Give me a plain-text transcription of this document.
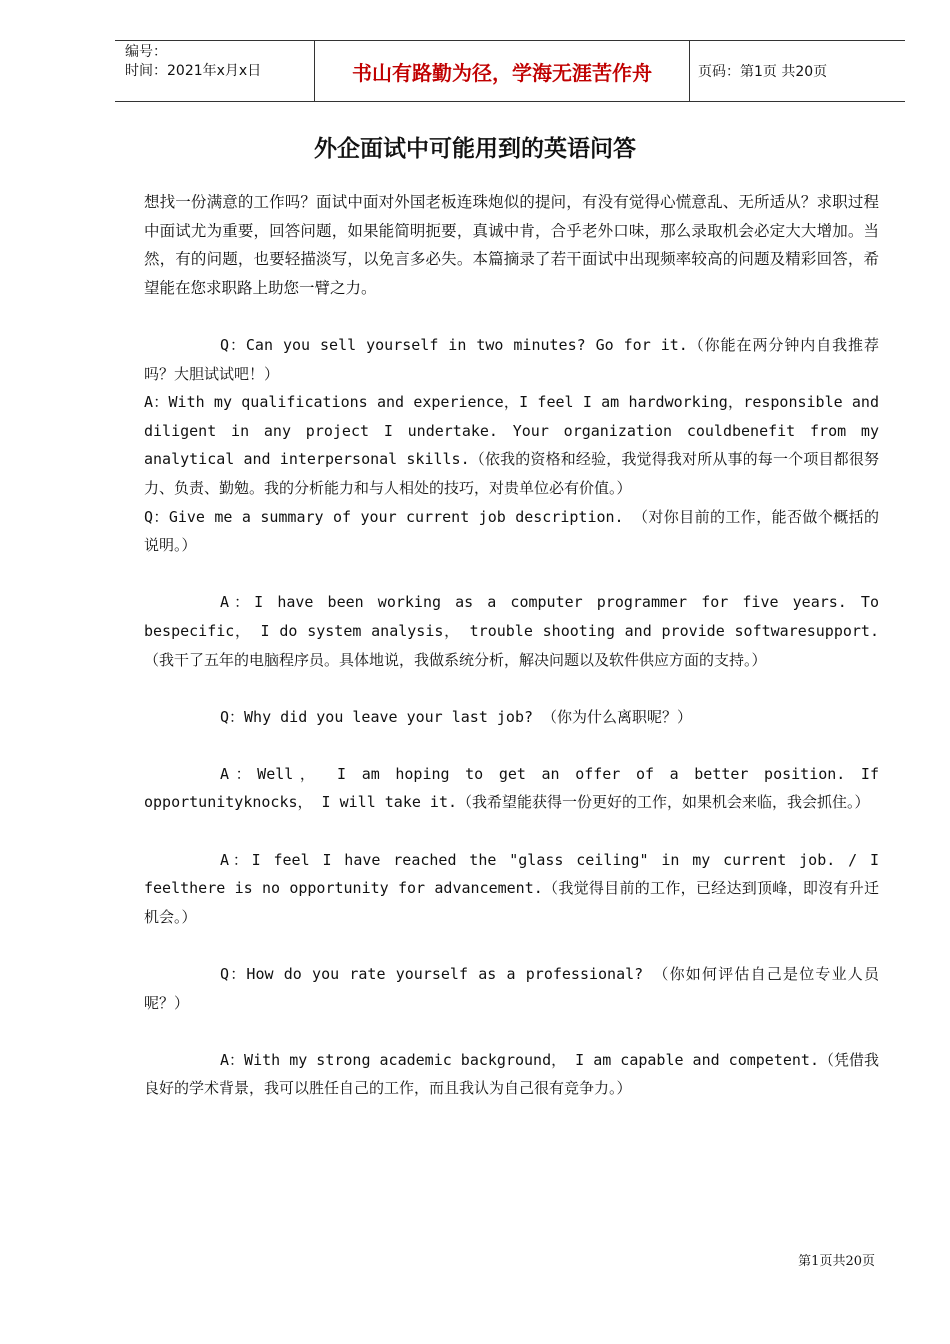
编号：
时间：2021年x月x日	书山有路勤为径，学海无涯苦作舟	页码：第1页 共20页
外企面试中可能用到的英语问答

想找一份满意的工作吗？面试中面对外国老板连珠炮似的提问，有没有觉得心慌意乱、无所适从？求职过程中面试尤为重要，回答问题，如果能简明扼要，真诚中肯，合乎老外口味，那么录取机会必定大大增加。当然，有的问题，也要轻描淡写，以免言多必失。本篇摘录了若干面试中出现频率较高的问题及精彩回答，希望能在您求职路上助您一臂之力。

Q：Can you sell yourself in two minutes? Go for it.（你能在两分钟内自我推荐吗？大胆试试吧！）

A：With my qualifications and experience，I feel I am hardworking，responsible and diligent in any project I undertake. Your organization couldbenefit from my analytical and interpersonal skills.（依我的资格和经验，我觉得我对所从事的每一个项目都很努力、负责、勤勉。我的分析能力和与人相处的技巧，对贵单位必有价值。）

Q：Give me a summary of your current job description. （对你目前的工作，能否做个概括的说明。）

A：I have been working as a computer programmer for five years. To bespecific， I do system analysis， trouble shooting and provide softwaresupport. （我干了五年的电脑程序员。具体地说，我做系统分析，解决问题以及软件供应方面的支持。）

Q：Why did you leave your last job? （你为什么离职呢？）

A：Well， I am hoping to get an offer of a better position. If opportunityknocks， I will take it.（我希望能获得一份更好的工作，如果机会来临，我会抓住。）

A：I feel I have reached the "glass ceiling" in my current job. / I feelthere is no opportunity for advancement.（我觉得目前的工作，已经达到顶峰，即沒有升迁机会。）

Q：How do you rate yourself as a professional? （你如何评估自己是位专业人员呢？）

A：With my strong academic background， I am capable and competent.（凭借我良好的学术背景，我可以胜任自己的工作，而且我认为自己很有竞争力。）

第1页共20页
